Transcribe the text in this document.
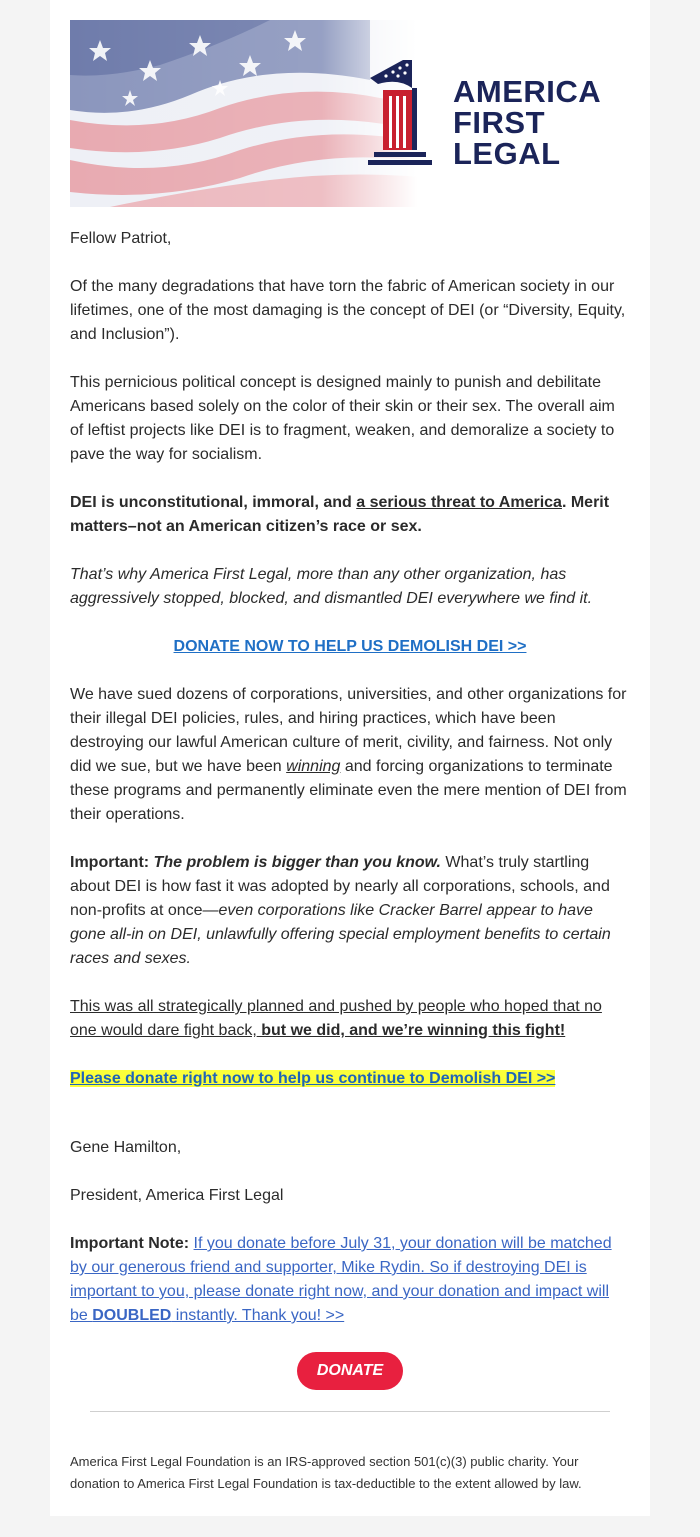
AMERICA
FIRST
LEGAL

Fellow Patriot,

Of the many degradations that have torn the fabric of American society in our lifetimes, one of the most damaging is the concept of DEI (or “Diversity, Equity, and Inclusion”).

This pernicious political concept is designed mainly to punish and debilitate Americans based solely on the color of their skin or their sex. The overall aim of leftist projects like DEI is to fragment, weaken, and demoralize a society to pave the way for socialism.

DEI is unconstitutional, immoral, and a serious threat to America. Merit matters–not an American citizen’s race or sex.

That’s why America First Legal, more than any other organization, has aggressively stopped, blocked, and dismantled DEI everywhere we find it.

DONATE NOW TO HELP US DEMOLISH DEI >>

We have sued dozens of corporations, universities, and other organizations for their illegal DEI policies, rules, and hiring practices, which have been destroying our lawful American culture of merit, civility, and fairness. Not only did we sue, but we have been winning and forcing organizations to terminate these programs and permanently eliminate even the mere mention of DEI from their operations.

Important: The problem is bigger than you know. What’s truly startling about DEI is how fast it was adopted by nearly all corporations, schools, and non-profits at once—even corporations like Cracker Barrel appear to have gone all-in on DEI, unlawfully offering special employment benefits to certain races and sexes.

This was all strategically planned and pushed by people who hoped that no one would dare fight back, but we did, and we’re winning this fight!

Please donate right now to help us continue to Demolish DEI >>

Gene Hamilton,

President, America First Legal

Important Note: If you donate before July 31, your donation will be matched by our generous friend and supporter, Mike Rydin. So if destroying DEI is important to you, please donate right now, and your donation and impact will be DOUBLED instantly. Thank you! >>

DONATE
America First Legal Foundation is an IRS-approved section 501(c)(3) public charity. Your donation to America First Legal Foundation is tax-deductible to the extent allowed by law.
